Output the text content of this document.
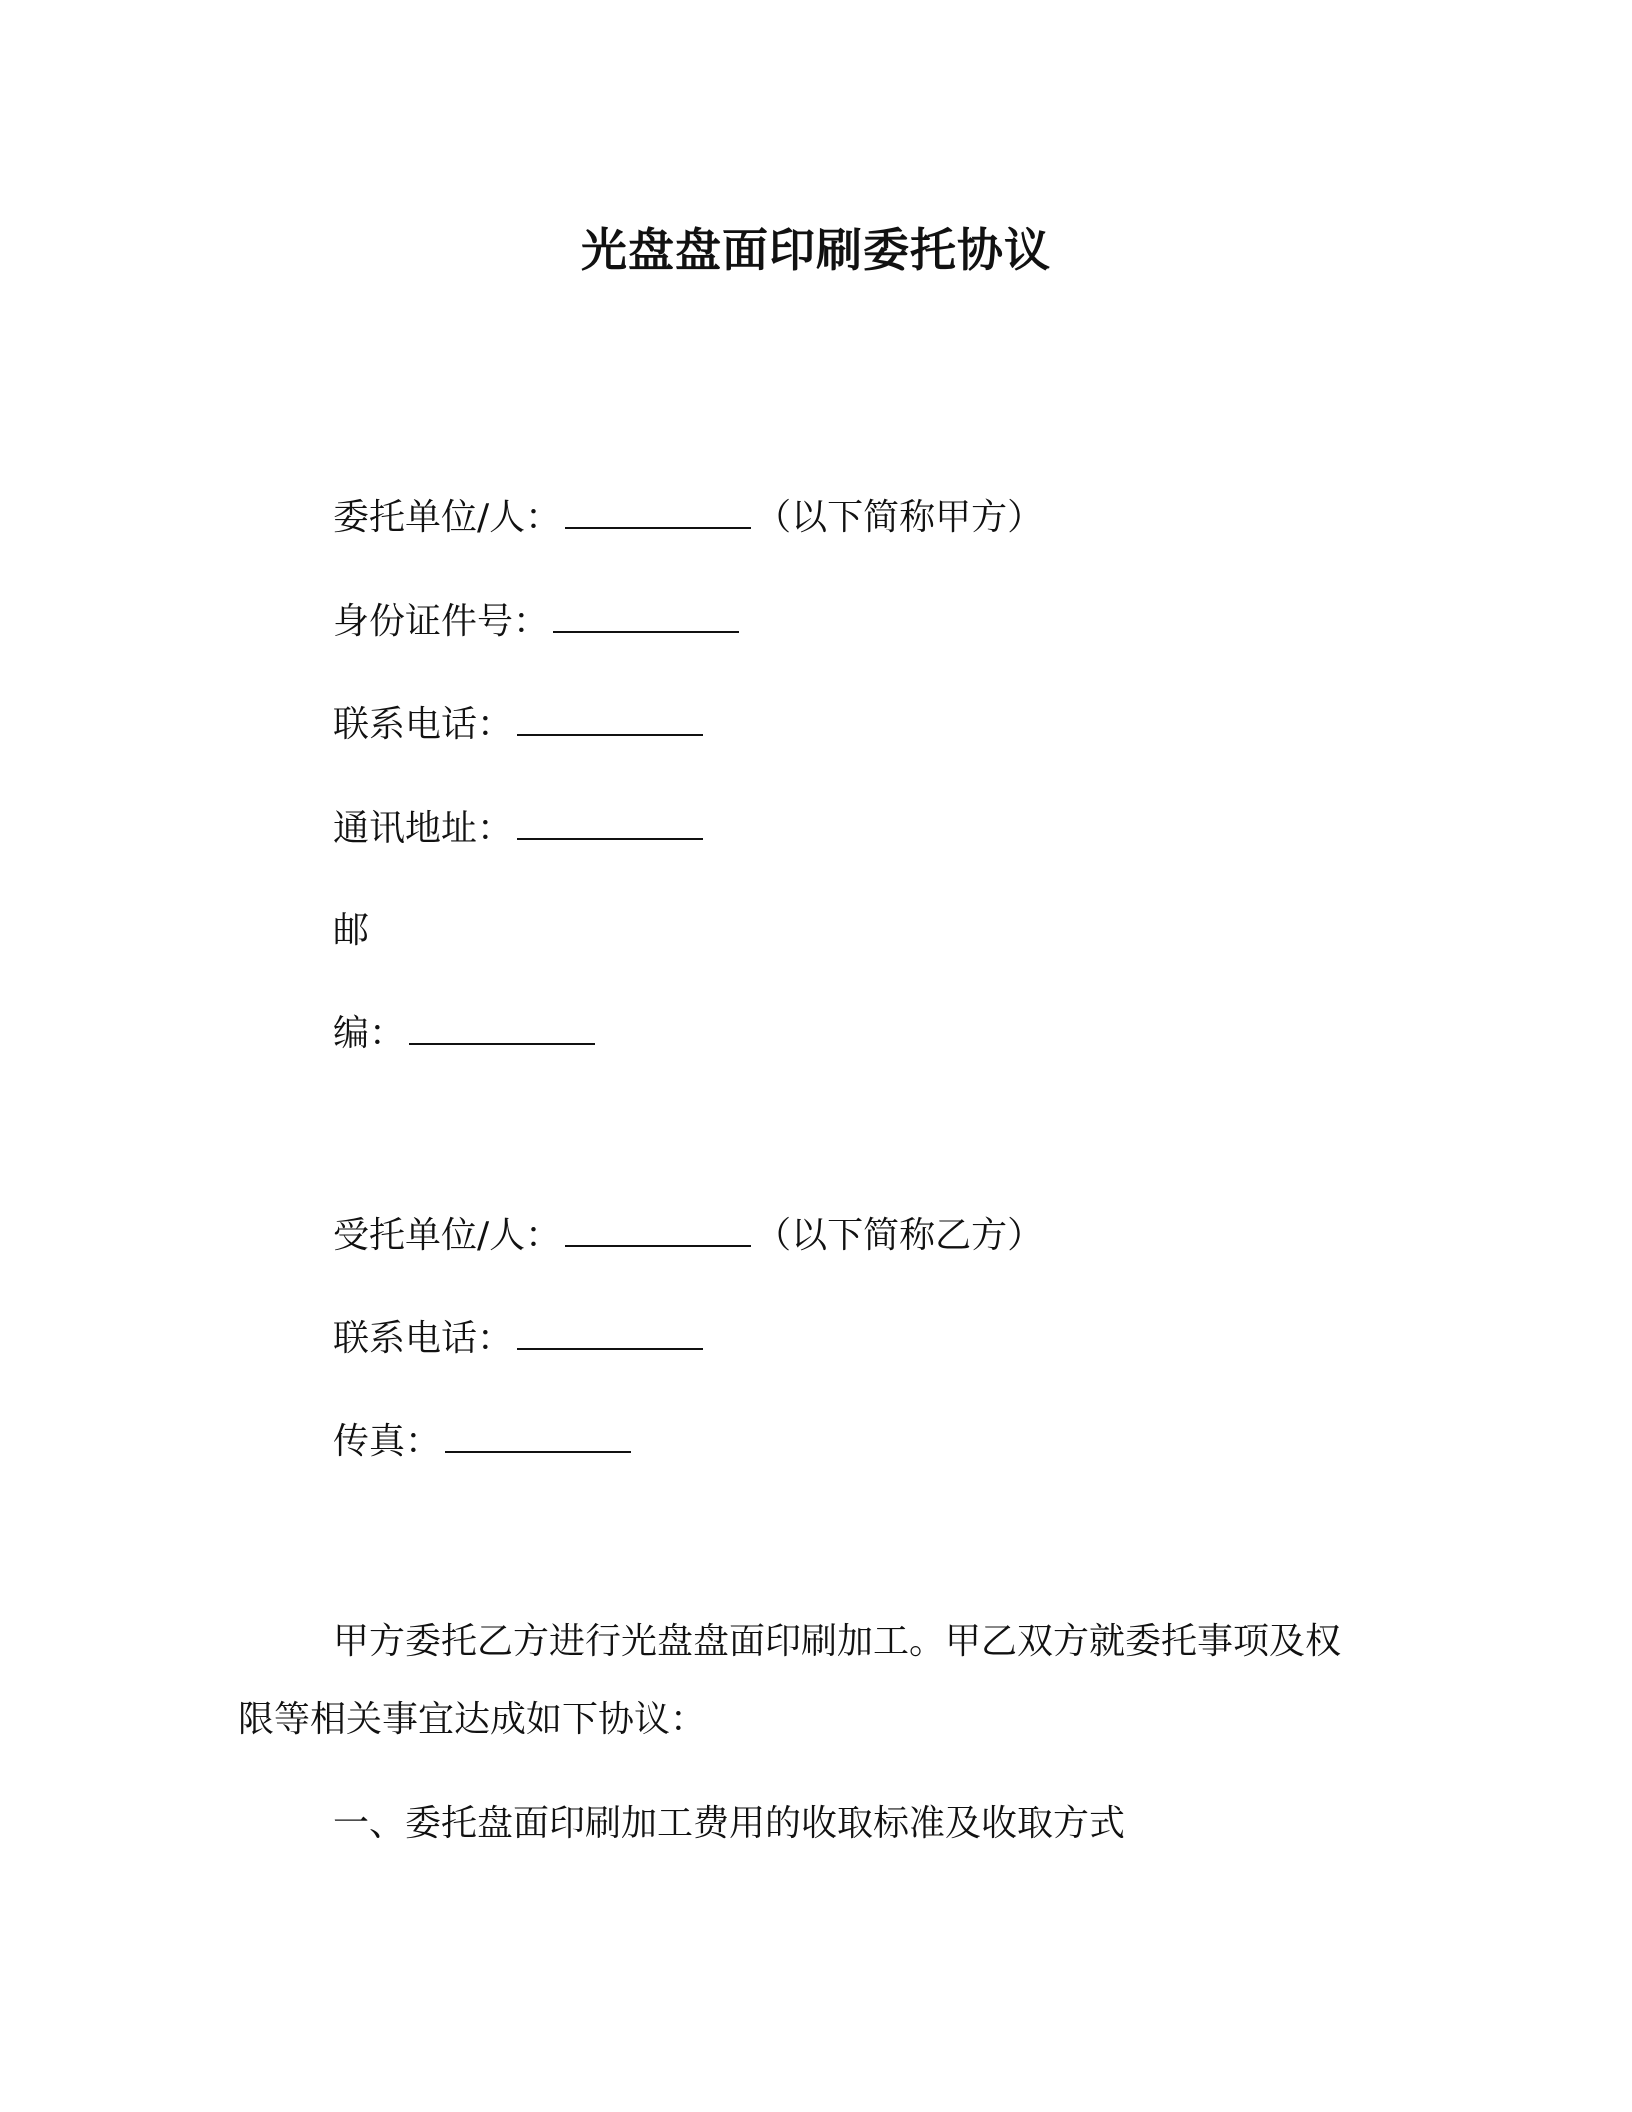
光盘盘面印刷委托协议
委托单位/人：	（以下简称甲方）
身份证件号：
联系电话：
通讯地址：
邮
编：
受托单位/人：	（以下简称乙方）
联系电话：
传真：
甲方委托乙方进行光盘盘面印刷加工。甲乙双方就委托事项及权
限等相关事宜达成如下协议：
一、委托盘面印刷加工费用的收取标准及收取方式
